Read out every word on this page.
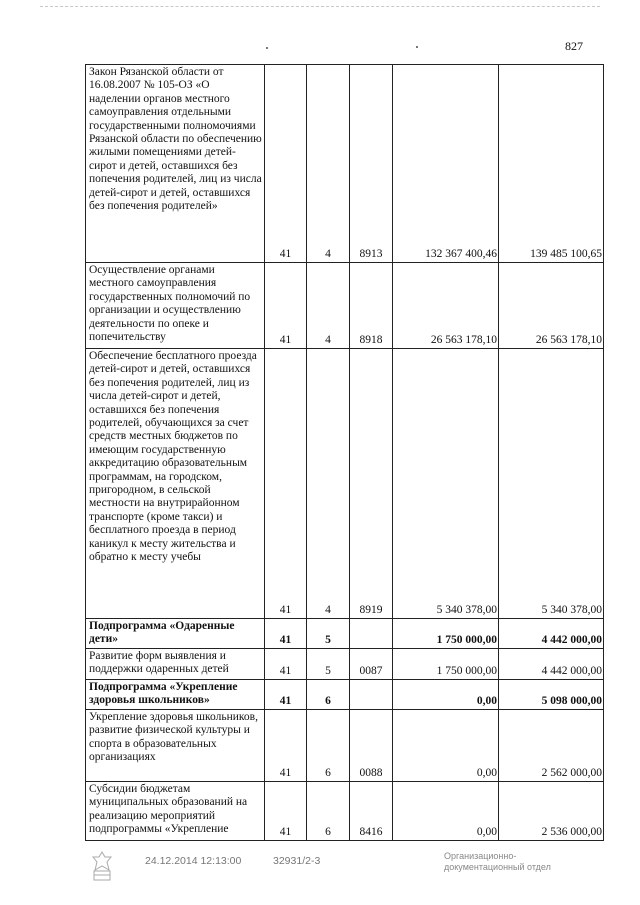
827
Закон Рязанской области от 16.08.2007 № 105-ОЗ «О наделении органов местного самоуправления отдельными государственными полномочиями Рязанской области по обеспечению жилыми помещениями детей-сирот и детей, оставшихся без попечения родителей, лиц из числа детей-сирот и детей, оставшихся без попечения родителей»	41	4	8913	132 367 400,46	139 485 100,65
Осуществление органами местного самоуправления государственных полномочий по организации и осуществлению деятельности по опеке и попечительству	41	4	8918	26 563 178,10	26 563 178,10
Обеспечение бесплатного проезда детей-сирот и детей, оставшихся без попечения родителей, лиц из числа детей-сирот и детей, оставшихся без попечения родителей, обучающихся за счет средств местных бюджетов по имеющим государственную аккредитацию образовательным программам, на городском, пригородном, в сельской местности на внутрирайонном транспорте (кроме такси) и бесплатного проезда в период каникул к месту жительства и обратно к месту учебы	41	4	8919	5 340 378,00	5 340 378,00
Подпрограмма «Одаренные дети»	41	5		1 750 000,00	4 442 000,00
Развитие форм выявления и поддержки одаренных детей	41	5	0087	1 750 000,00	4 442 000,00
Подпрограмма «Укрепление здоровья школьников»	41	6		0,00	5 098 000,00
Укрепление здоровья школьников, развитие физической культуры и спорта в образовательных организациях	41	6	0088	0,00	2 562 000,00
Субсидии бюджетам муниципальных образований на реализацию мероприятий подпрограммы «Укрепление	41	6	8416	0,00	2 536 000,00
24.12.2014 12:13:00	32931/2-3	Организационно-документационный отдел
